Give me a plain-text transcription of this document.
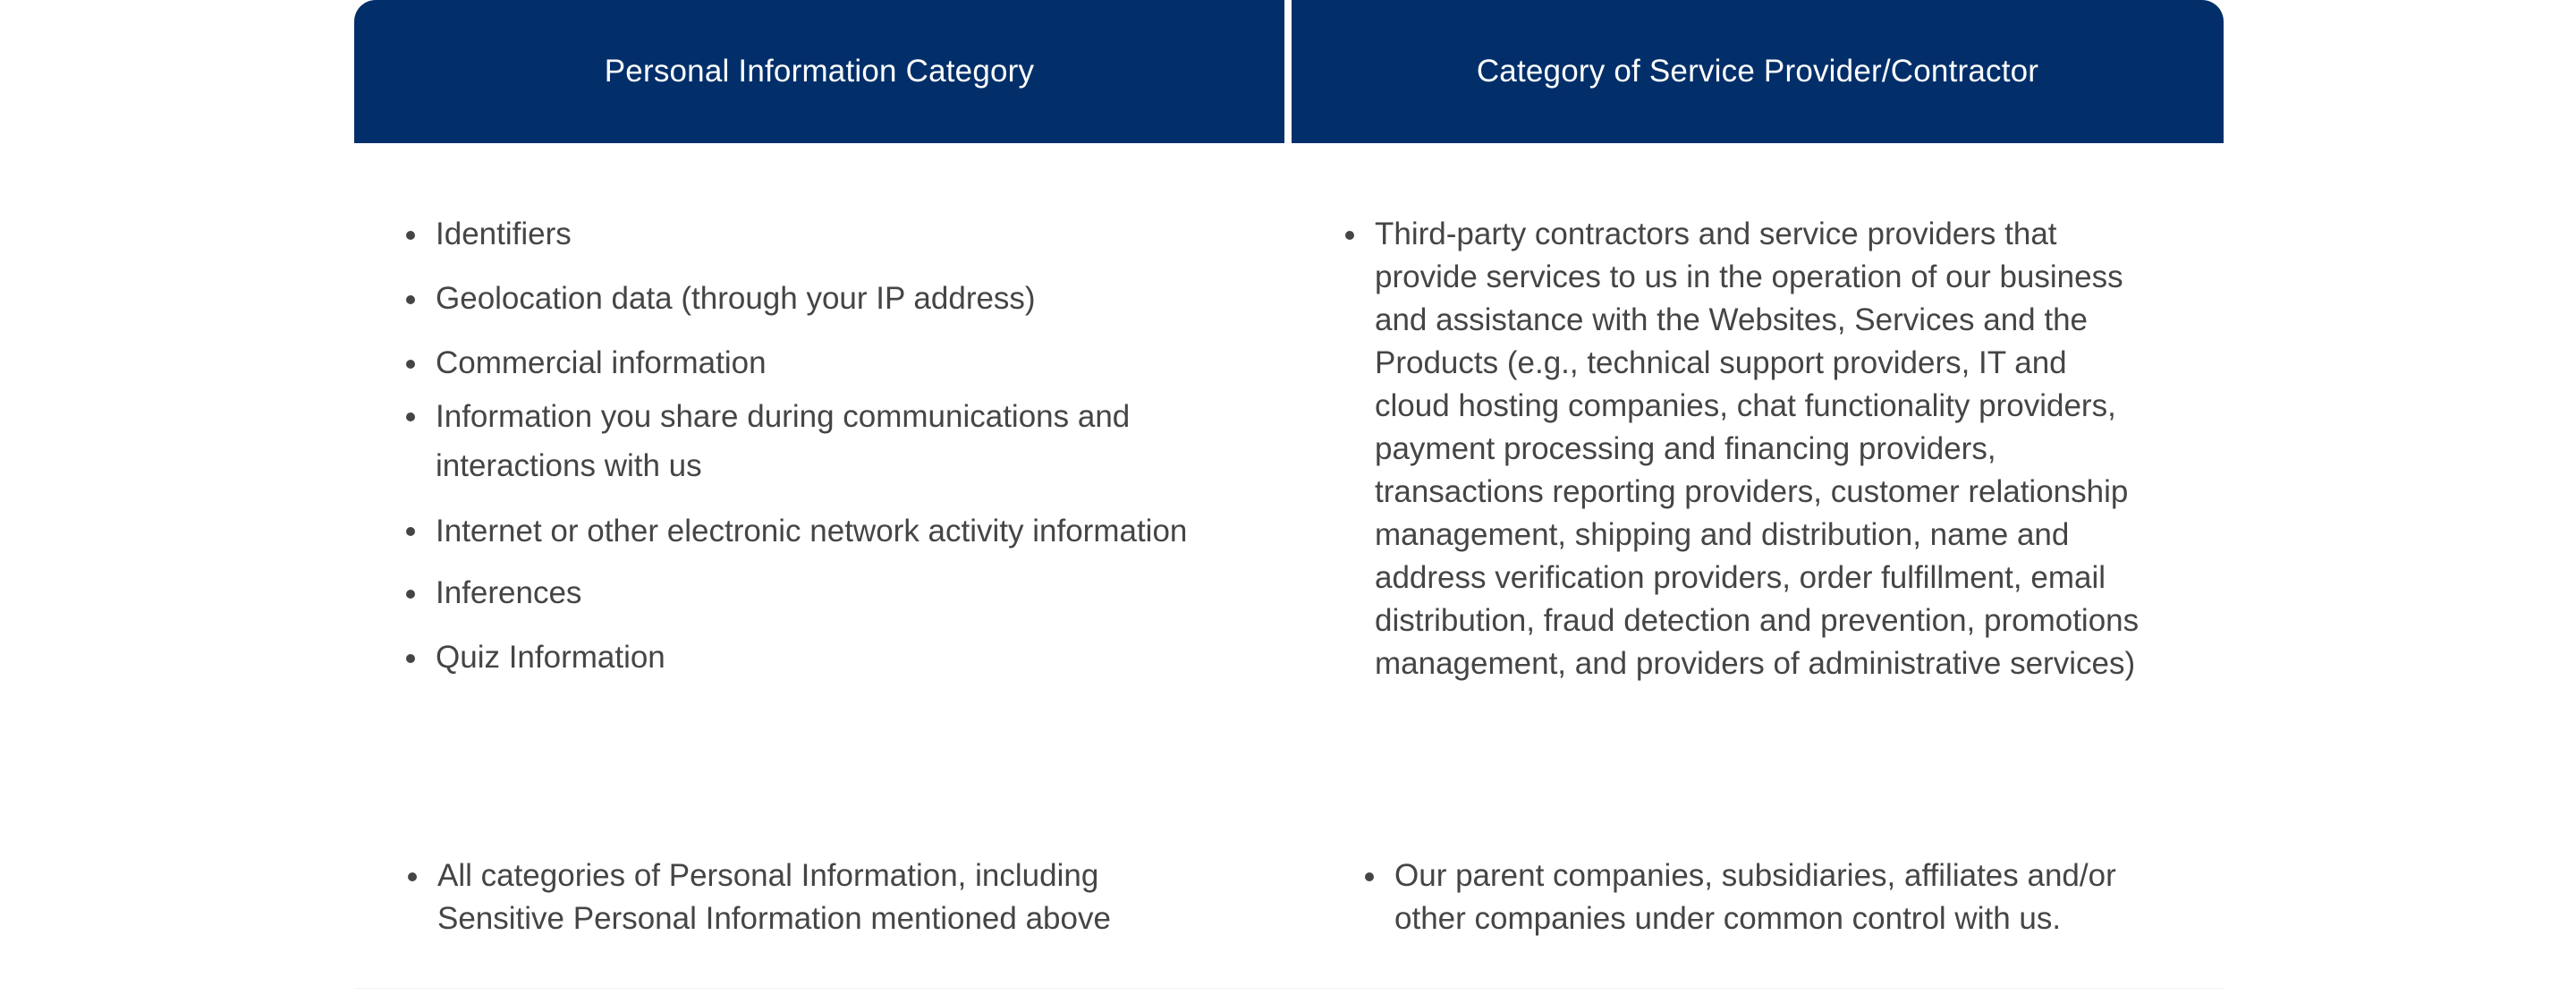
Personal Information Category	Category of Service Provider/Contractor
Identifiers
Geolocation data (through your IP address)
Commercial information
Information you share during communications and interactions with us
Internet or other electronic network activity information
Inferences
Quiz Information
Third-party contractors and service providers that provide services to us in the operation of our business and assistance with the Websites, Services and the Products (e.g., technical support providers, IT and cloud hosting companies, chat functionality providers, payment processing and financing providers, transactions reporting providers, customer relationship management, shipping and distribution, name and address verification providers, order fulfillment, email distribution, fraud detection and prevention, promotions management, and providers of administrative services)
All categories of Personal Information, including Sensitive Personal Information mentioned above
Our parent companies, subsidiaries, affiliates and/or other companies under common control with us.
